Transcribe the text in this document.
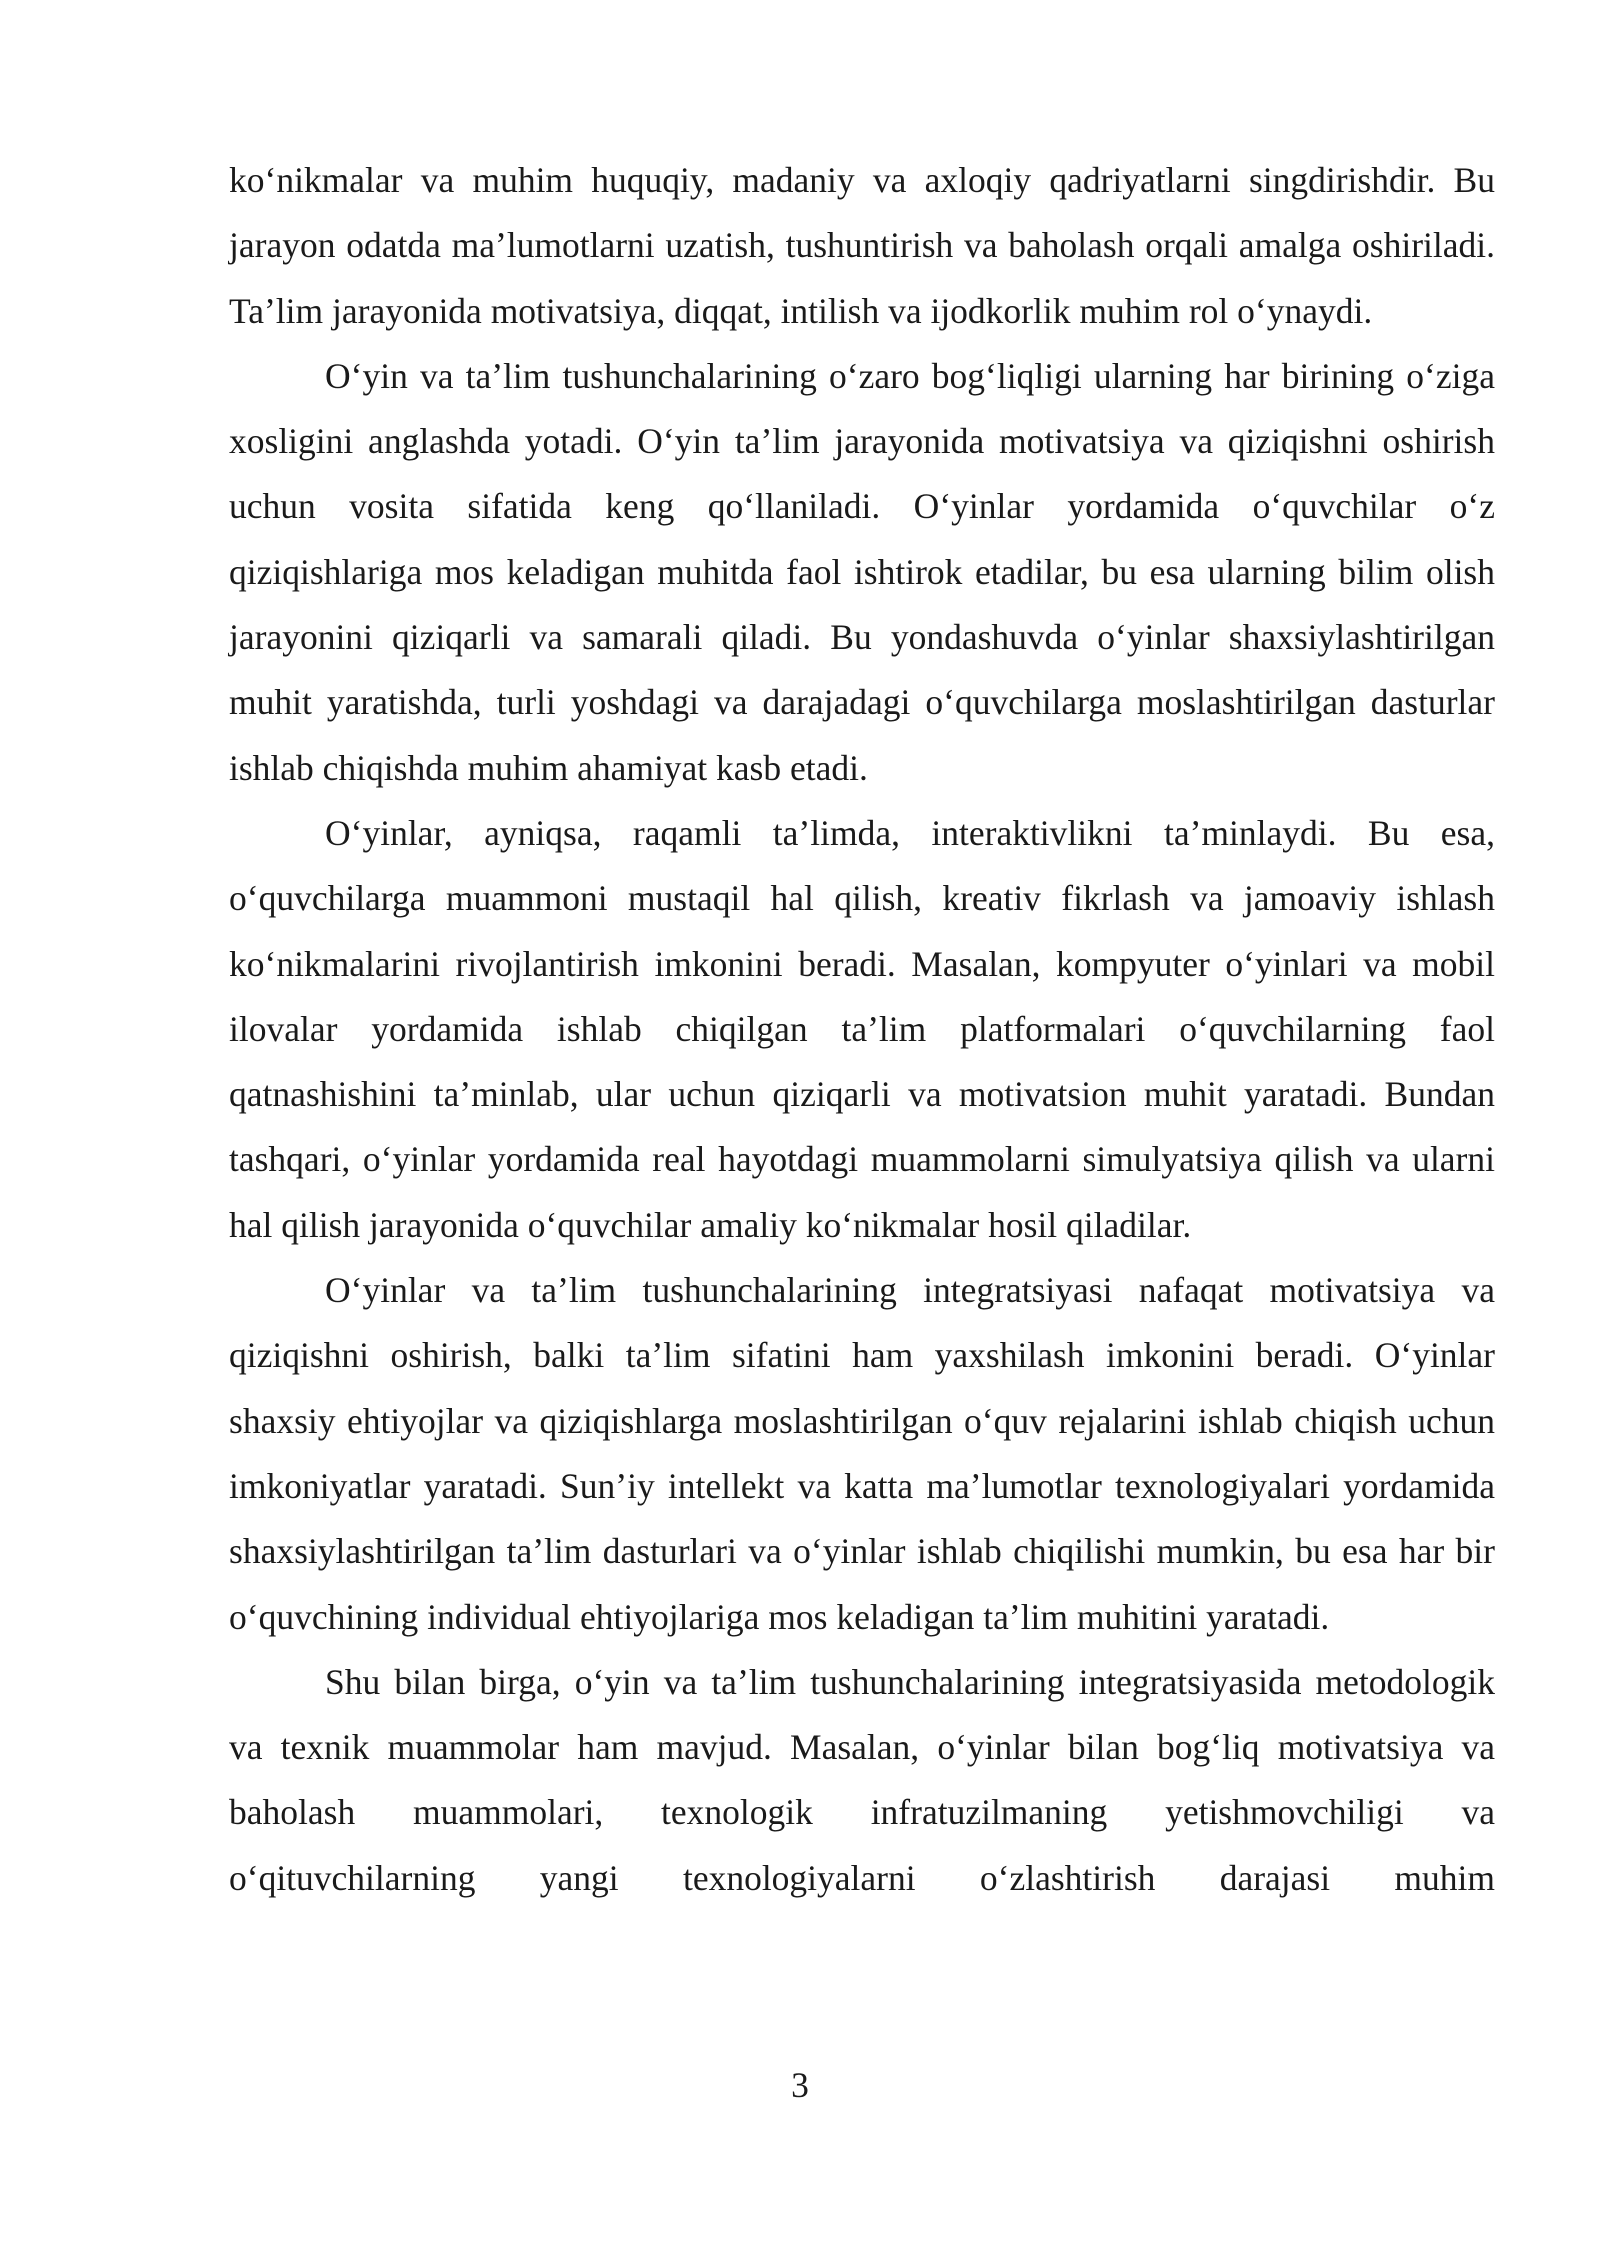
koʻnikmalar va muhim huquqiy, madaniy va axloqiy qadriyatlarni singdirishdir. Bu jarayon odatda maʼlumotlarni uzatish, tushuntirish va baholash orqali amalga oshiriladi. Taʼlim jarayonida motivatsiya, diqqat, intilish va ijodkorlik muhim rol oʻynaydi.

Oʻyin va taʼlim tushunchalarining oʻzaro bogʻliqligi ularning har birining oʻziga xosligini anglashda yotadi. Oʻyin taʼlim jarayonida motivatsiya va qiziqishni oshirish uchun vosita sifatida keng qoʻllaniladi. Oʻyinlar yordamida oʻquvchilar oʻz qiziqishlariga mos keladigan muhitda faol ishtirok etadilar, bu esa ularning bilim olish jarayonini qiziqarli va samarali qiladi. Bu yondashuvda oʻyinlar shaxsiylashtirilgan muhit yaratishda, turli yoshdagi va darajadagi oʻquvchilarga moslashtirilgan dasturlar ishlab chiqishda muhim ahamiyat kasb etadi.

Oʻyinlar, ayniqsa, raqamli taʼlimda, interaktivlikni taʼminlaydi. Bu esa, oʻquvchilarga muammoni mustaqil hal qilish, kreativ fikrlash va jamoaviy ishlash koʻnikmalarini rivojlantirish imkonini beradi. Masalan, kompyuter oʻyinlari va mobil ilovalar yordamida ishlab chiqilgan taʼlim platformalari oʻquvchilarning faol qatnashishini taʼminlab, ular uchun qiziqarli va motivatsion muhit yaratadi. Bundan tashqari, oʻyinlar yordamida real hayotdagi muammolarni simulyatsiya qilish va ularni hal qilish jarayonida oʻquvchilar amaliy koʻnikmalar hosil qiladilar.

Oʻyinlar va taʼlim tushunchalarining integratsiyasi nafaqat motivatsiya va qiziqishni oshirish, balki taʼlim sifatini ham yaxshilash imkonini beradi. Oʻyinlar shaxsiy ehtiyojlar va qiziqishlarga moslashtirilgan oʻquv rejalarini ishlab chiqish uchun imkoniyatlar yaratadi. Sunʼiy intellekt va katta maʼlumotlar texnologiyalari yordamida shaxsiylashtirilgan taʼlim dasturlari va oʻyinlar ishlab chiqilishi mumkin, bu esa har bir oʻquvchining individual ehtiyojlariga mos keladigan taʼlim muhitini yaratadi.

Shu bilan birga, oʻyin va taʼlim tushunchalarining integratsiyasida metodologik va texnik muammolar ham mavjud. Masalan, oʻyinlar bilan bogʻliq motivatsiya va baholash muammolari, texnologik infratuzilmaning yetishmovchiligi va oʻqituvchilarning yangi texnologiyalarni oʻzlashtirish darajasi muhim

3
